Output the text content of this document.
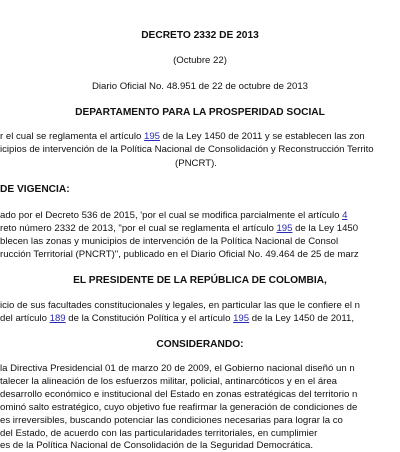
DECRETO 2332 DE 2013
(Octubre 22)
Diario Oficial No. 48.951 de 22 de octubre de 2013
DEPARTAMENTO PARA LA PROSPERIDAD SOCIAL
r el cual se reglamenta el artículo 195 de la Ley 1450 de 2011 y se establecen las zon
icipios de intervención de la Política Nacional de Consolidación y Reconstrucción Territo
(PNCRT).
DE VIGENCIA:
ado por el Decreto 536 de 2015, 'por el cual se modifica parcialmente el artículo 4
reto número 2332 de 2013, "por el cual se reglamenta el artículo 195 de la Ley 1450
blecen las zonas y municipios de intervención de la Política Nacional de Consol
rucción Territorial (PNCRT)", publicado en el Diario Oficial No. 49.464 de 25 de marz
EL PRESIDENTE DE LA REPÚBLICA DE COLOMBIA,
icio de sus facultades constitucionales y legales, en particular las que le confiere el n
del artículo 189 de la Constitución Política y el artículo 195 de la Ley 1450 de 2011,
CONSIDERANDO:
la Directiva Presidencial 01 de marzo 20 de 2009, el Gobierno nacional diseñó un n
talecer la alineación de los esfuerzos militar, policial, antinarcóticos y en el área
desarrollo económico e institucional del Estado en zonas estratégicas del territorio n
ominó salto estratégico, cuyo objetivo fue reafirmar la generación de condiciones de
es irreversibles, buscando potenciar las condiciones necesarias para lograr la co
del Estado, de acuerdo con las particularidades territoriales, en cumplimier
es de la Política Nacional de Consolidación de la Seguridad Democrática.
